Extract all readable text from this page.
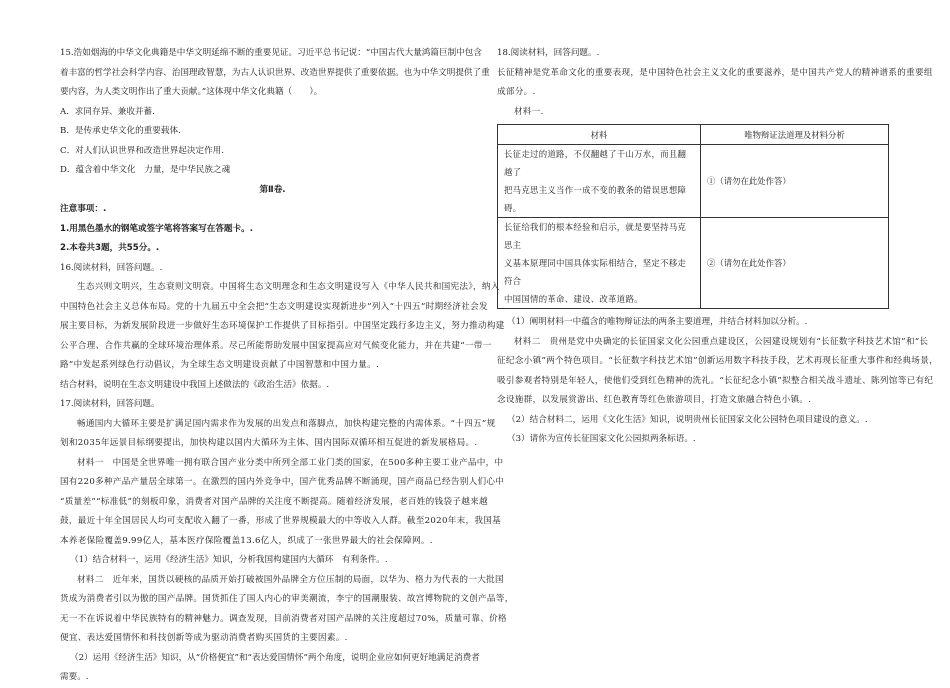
15.浩如烟海的中华文化典籍是中华文明延绵不断的重要见证。习近平总书记说：“中国古代大量鸿篇巨制中包含
着丰富的哲学社会科学内容、治国理政智慧，为古人认识世界、改造世界提供了重要依据。也为中华文明提供了重
要内容，为人类文明作出了重大贡献。”这体现中华文化典籍（　　）。
A．求同存异、兼收并蓄.
B．是传承史华文化的重要载体.
C．对人们认识世界和改造世界起决定作用.
D．蕴含着中华文化　力量，是中华民族之魂
第Ⅱ卷.
注意事项：.
1.用黑色墨水的钢笔或签字笔将答案写在答题卡。.
2.本卷共3题，共55分。.
16.阅读材料，回答问题。.
生态兴则文明兴，生态衰则文明衰。中国将生态文明理念和生态文明建设写入《中华人民共和国宪法》，纳入
中国特色社会主义总体布局。党的十九届五中全会把“生态文明建设实现新进步”列入“十四五”时期经济社会发
展主要目标，为新发展阶段进一步做好生态环境保护工作提供了目标指引。中国坚定践行多边主义，努力推动构建
公平合理、合作共赢的全球环境治理体系。尽己所能帮助发展中国家提高应对气候变化能力，并在共建“一带一
路”中发起系列绿色行动倡议，为全球生态文明建设贡献了中国智慧和中国力量。.
结合材料，说明在生态文明建设中我国上述做法的《政治生活》依据。.
17.阅读材料，回答问题。
畅通国内大循环主要是扩满足国内需求作为发展的出发点和落脚点，加快构建完整的内需体系。“十四五”规
划和2035年远景目标纲要提出，加快构建以国内大循环为主体、国内国际双循环相互促进的新发展格局。.
材料一　中国是全世界唯一拥有联合国产业分类中所列全部工业门类的国家，在500多种主要工业产品中，中
国有220多种产品产量居全球第一。在激烈的国内外竞争中，国产优秀品牌不断涌现，国产商品已经告别人们心中
“质量差”“标准低”的刻板印象，消费者对国产品牌的关注度不断提高。随着经济发展，老百姓的钱袋子越来越
鼓，最近十年全国居民人均可支配收入翻了一番，形成了世界规模最大的中等收入人群。截至2020年末，我国基
本养老保险覆盖9.99亿人，基本医疗保险覆盖13.6亿人，织成了一张世界最大的社会保障网。.
（1）结合材料一，运用《经济生活》知识，分析我国构建国内大循环　有利条件。.
材料二　近年来，国货以硬核的品质开始打破被国外品牌全方位压制的局面，以华为、格力为代表的一大批国
货成为消费者引以为傲的国产品牌。国货抓住了国人内心的审美潮流，李宁的国潮服装、故宫博物院的文创产品等，
无一不在诉说着中华民族特有的精神魅力。调查发现，目前消费者对国产品牌的关注度超过70%，质量可靠、价格
便宜、表达爱国情怀和科技创新等成为驱动消费者购买国货的主要因素。.
（2）运用《经济生活》知识，从“价格便宜”和“表达爱国情怀”两个角度，说明企业应如何更好地满足消费者
需要。.
18.阅读材料，回答问题。.
长征精神是党革命文化的重要表现，是中国特色社会主义文化的重要滋养，是中国共产党人的精神谱系的重要组
成部分。.
材料一.
材料	唯物辩证法道理及材料分析

长征走过的道路，不仅翻越了千山万水，而且翻越了
把马克思主义当作一成不变的教条的错误思想障碍。	①（请勿在此处作答）

长征给我们的根本经验和启示，就是要坚持马克思主
义基本原理同中国具体实际相结合，坚定不移走符合
中国国情的革命、建设、改革道路。	②（请勿在此处作答）
（1）阐明材料一中蕴含的唯物辩证法的两条主要道理，并结合材料加以分析。.
材料二　贵州是党中央确定的长征国家文化公园重点建设区，公园建设规划有“长征数字科技艺术馆”和“长
征纪念小镇”两个特色项目。“长征数字科技艺术馆”创新运用数字科技手段，艺术再现长征重大事件和经典场景，
吸引参观者特别是年轻人，使他们受到红色精神的洗礼。“长征纪念小镇”拟整合相关战斗遗址、陈列馆等已有纪
念设施群，以发展赏游出、红色教育等红色旅游项目，打造文旅融合特色小镇。.
（2）结合材料二，运用《文化生活》知识，说明贵州长征国家文化公园特色项目建设的意义。.
（3）请你为宣传长征国家文化公园拟两条标语。.
